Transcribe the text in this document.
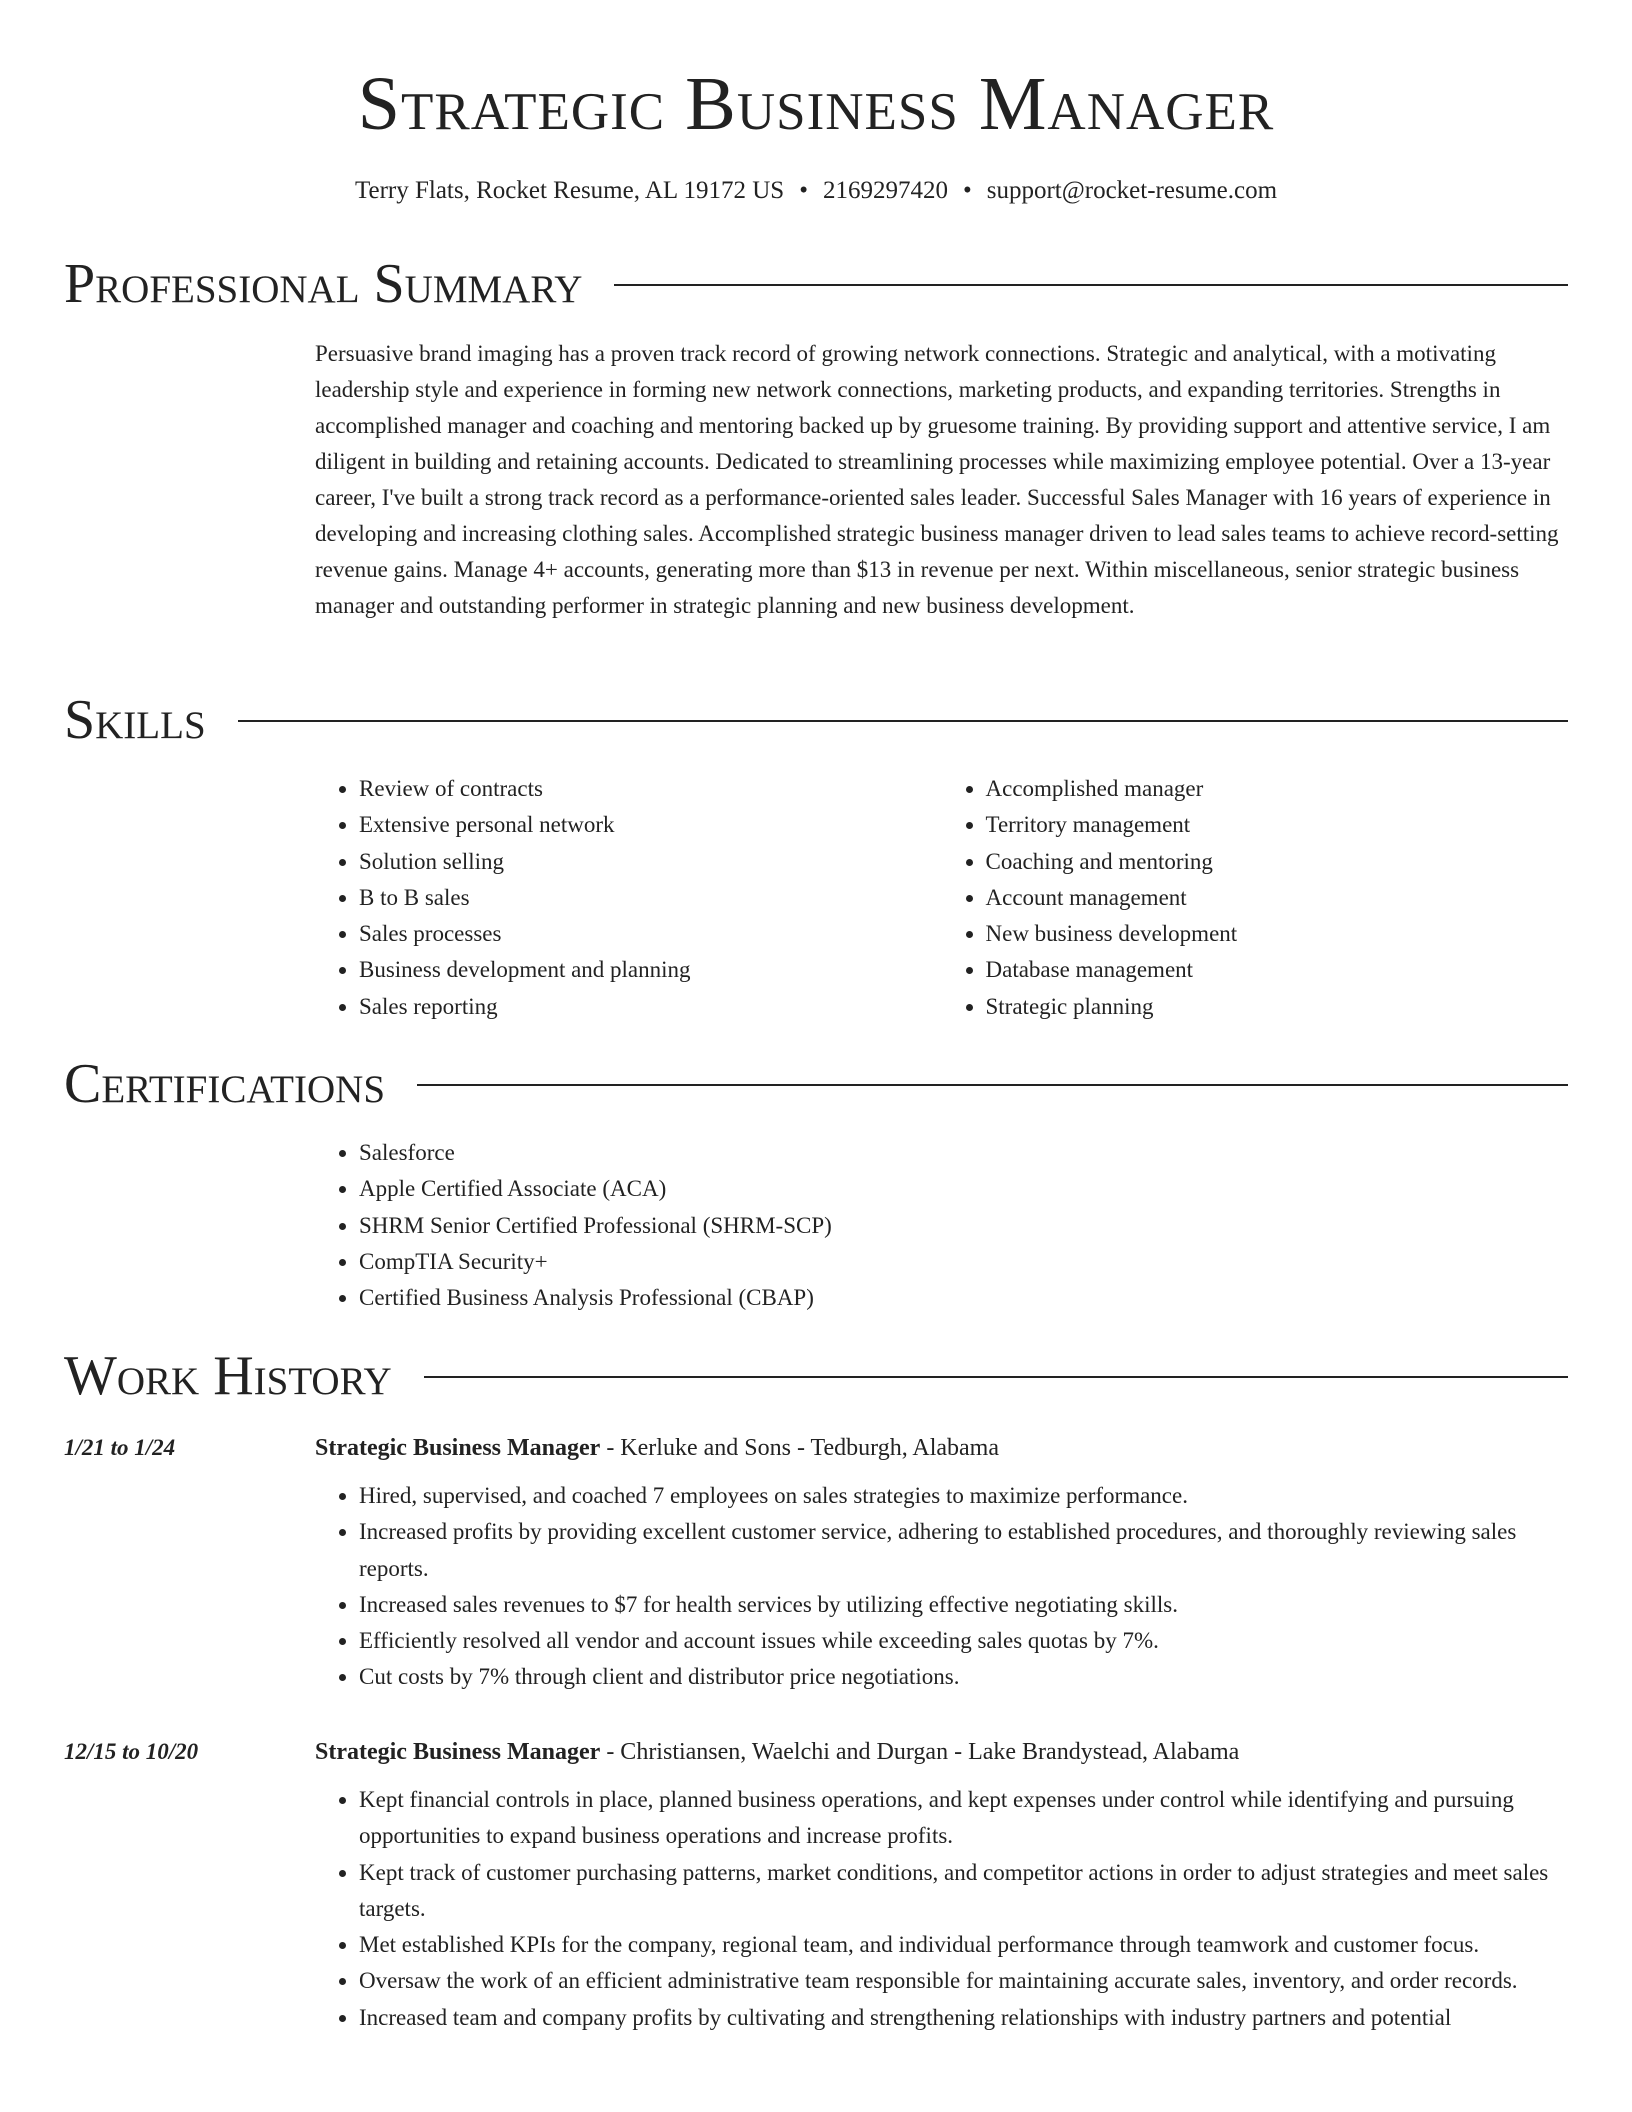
Strategic Business Manager
Terry Flats, Rocket Resume, AL 19172 US • 2169297420 • support@rocket-resume.com
Professional Summary

Persuasive brand imaging has a proven track record of growing network connections. Strategic and analytical, with a motivating leadership style and experience in forming new network connections, marketing products, and expanding territories. Strengths in accomplished manager and coaching and mentoring backed up by gruesome training. By providing support and attentive service, I am diligent in building and retaining accounts. Dedicated to streamlining processes while maximizing employee potential. Over a 13-year career, I've built a strong track record as a performance-oriented sales leader. Successful Sales Manager with 16 years of experience in developing and increasing clothing sales. Accomplished strategic business manager driven to lead sales teams to achieve record-setting revenue gains. Manage 4+ accounts, generating more than $13 in revenue per next. Within miscellaneous, senior strategic business manager and outstanding performer in strategic planning and new business development.

Skills
• Review of contracts
• Extensive personal network
• Solution selling
• B to B sales
• Sales processes
• Business development and planning
• Sales reporting
• Accomplished manager
• Territory management
• Coaching and mentoring
• Account management
• New business development
• Database management
• Strategic planning
Certifications
• Salesforce
• Apple Certified Associate (ACA)
• SHRM Senior Certified Professional (SHRM-SCP)
• CompTIA Security+
• Certified Business Analysis Professional (CBAP)
Work History
1/21 to 1/24	Strategic Business Manager - Kerluke and Sons - Tedburgh, Alabama
• Hired, supervised, and coached 7 employees on sales strategies to maximize performance.
• Increased profits by providing excellent customer service, adhering to established procedures, and thoroughly reviewing sales reports.
• Increased sales revenues to $7 for health services by utilizing effective negotiating skills.
• Efficiently resolved all vendor and account issues while exceeding sales quotas by 7%.
• Cut costs by 7% through client and distributor price negotiations.
12/15 to 10/20	Strategic Business Manager - Christiansen, Waelchi and Durgan - Lake Brandystead, Alabama
• Kept financial controls in place, planned business operations, and kept expenses under control while identifying and pursuing opportunities to expand business operations and increase profits.
• Kept track of customer purchasing patterns, market conditions, and competitor actions in order to adjust strategies and meet sales targets.
• Met established KPIs for the company, regional team, and individual performance through teamwork and customer focus.
• Oversaw the work of an efficient administrative team responsible for maintaining accurate sales, inventory, and order records.
• Increased team and company profits by cultivating and strengthening relationships with industry partners and potential
